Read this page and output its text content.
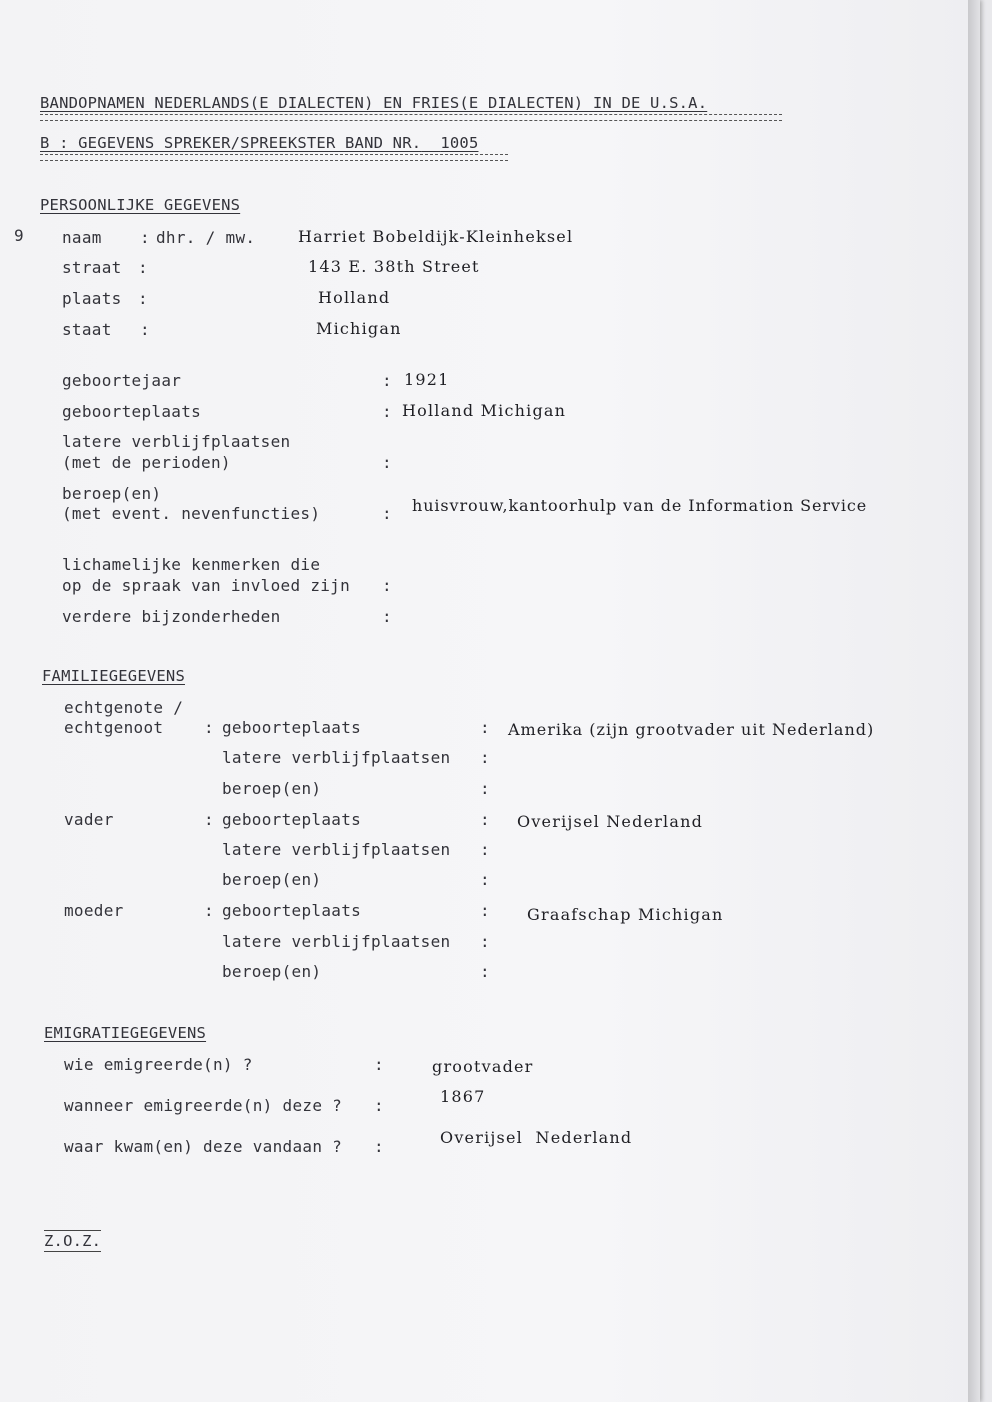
9
BANDOPNAMEN NEDERLANDS(E DIALECTEN) EN FRIES(E DIALECTEN) IN DE U.S.A.
B : GEGEVENS SPREKER/SPREEKSTER BAND NR. 1005
PERSOONLIJKE GEGEVENS
naam : dhr. / mw.	Harriet Bobeldijk-Kleinheksel
straat :	143 E. 38th Street
plaats :	Holland
staat :	Michigan
geboortejaar	: 1921
geboorteplaats	: Holland Michigan
latere verblijfplaatsen
(met de perioden)	:
beroep(en)
(met event. nevenfuncties)	: huisvrouw,kantoorhulp van de Information Service
lichamelijke kenmerken die
op de spraak van invloed zijn :
verdere bijzonderheden	:
FAMILIEGEGEVENS
echtgenote /
echtgenoot	: geboorteplaats	: Amerika (zijn grootvader uit Nederland)
latere verblijfplaatsen :
beroep(en)	:
vader	: geboorteplaats	: Overijsel Nederland
latere verblijfplaatsen :
beroep(en)	:
moeder	: geboorteplaats	: Graafschap Michigan
latere verblijfplaatsen :
beroep(en)	:
EMIGRATIEGEGEVENS
wie emigreerde(n) ?	:	grootvader
wanneer emigreerde(n) deze ? :	1867
waar kwam(en) deze vandaan ? :	Overijsel  Nederland
Z.O.Z.
